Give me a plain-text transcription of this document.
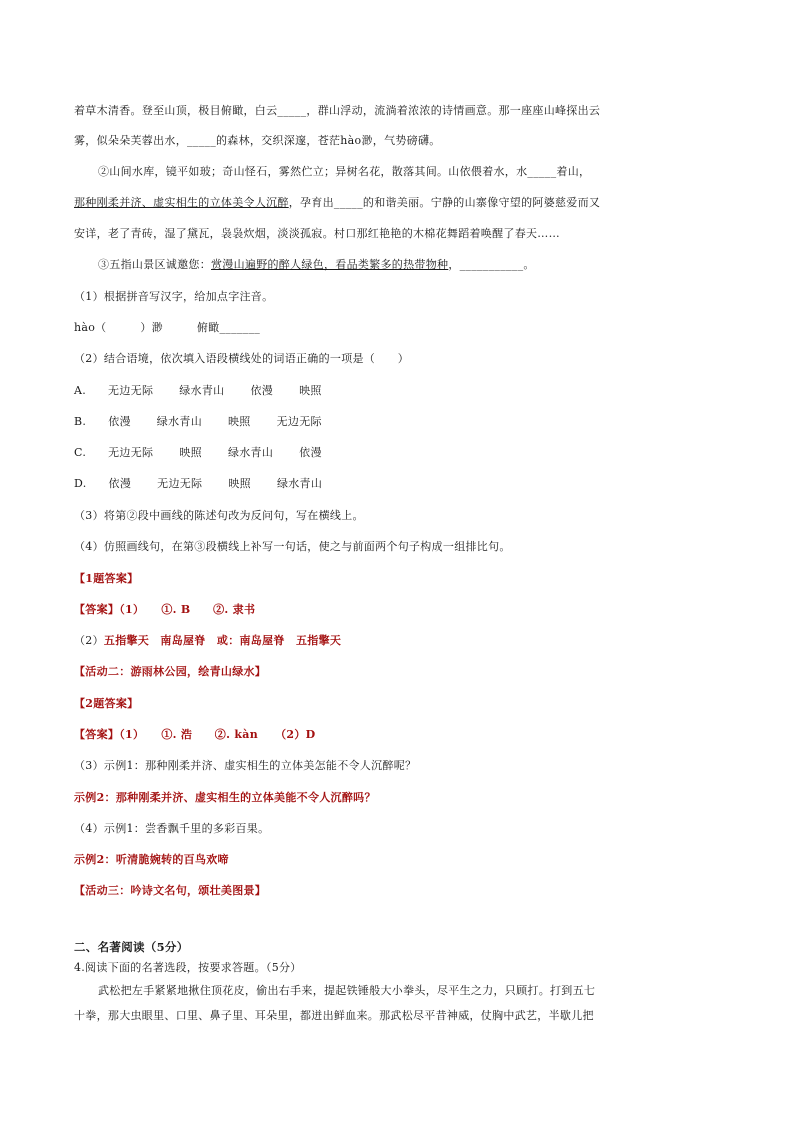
着草木清香。登至山顶，极目俯瞰，白云_____，群山浮动，流淌着浓浓的诗情画意。那一座座山峰探出云
雾，似朵朵芙蓉出水，_____的森林，交织深邃，苍茫hào渺，气势磅礴。
②山间水库，镜平如玻；奇山怪石，雾然伫立；异树名花，散落其间。山依偎着水，水_____着山，
那种刚柔并济、虚实相生的立体美令人沉醉，孕育出_____的和谐美丽。宁静的山寨像守望的阿婆慈爱而又
安详，老了青砖，湿了黛瓦，袅袅炊烟，淡淡孤寂。村口那红艳艳的木棉花舞蹈着唤醒了春天……
③五指山景区诚邀您：赏漫山遍野的醉人绿色，看品类繁多的热带物种，___________。
（1）根据拼音写汉字，给加点字注音。
hào（　　　）渺　　　俯瞰_______
（2）结合语境，依次填入语段横线处的词语正确的一项是（　　）
A. 无边无际 绿水青山 依漫 映照
B. 依漫 绿水青山 映照 无边无际
C. 无边无际 映照 绿水青山 依漫
D. 依漫 无边无际 映照 绿水青山
（3）将第②段中画线的陈述句改为反问句，写在横线上。
（4）仿照画线句，在第③段横线上补写一句话，使之与前面两个句子构成一组排比句。
【1题答案】
【答案】（1）　　①. B　　②. 隶书
（2）五指擎天　南岛屋脊　或：南岛屋脊　五指擎天
【活动二：游雨林公园，绘青山绿水】
【2题答案】
【答案】（1）　　①. 浩　　②. kàn　　（2）D
（3）示例1：那种刚柔并济、虚实相生的立体美怎能不令人沉醉呢？
示例2：那种刚柔并济、虚实相生的立体美能不令人沉醉吗？
（4）示例1：尝香飘千里的多彩百果。
示例2：听清脆婉转的百鸟欢啼
【活动三：吟诗文名句，颂壮美图景】
二、名著阅读（5分）
4.阅读下面的名著选段，按要求答题。（5分）
武松把左手紧紧地揪住顶花皮，偷出右手来，提起铁锤般大小拳头，尽平生之力，只顾打。打到五七
十拳，那大虫眼里、口里、鼻子里、耳朵里，都迸出鲜血来。那武松尽平昔神威，仗胸中武艺，半歇儿把
